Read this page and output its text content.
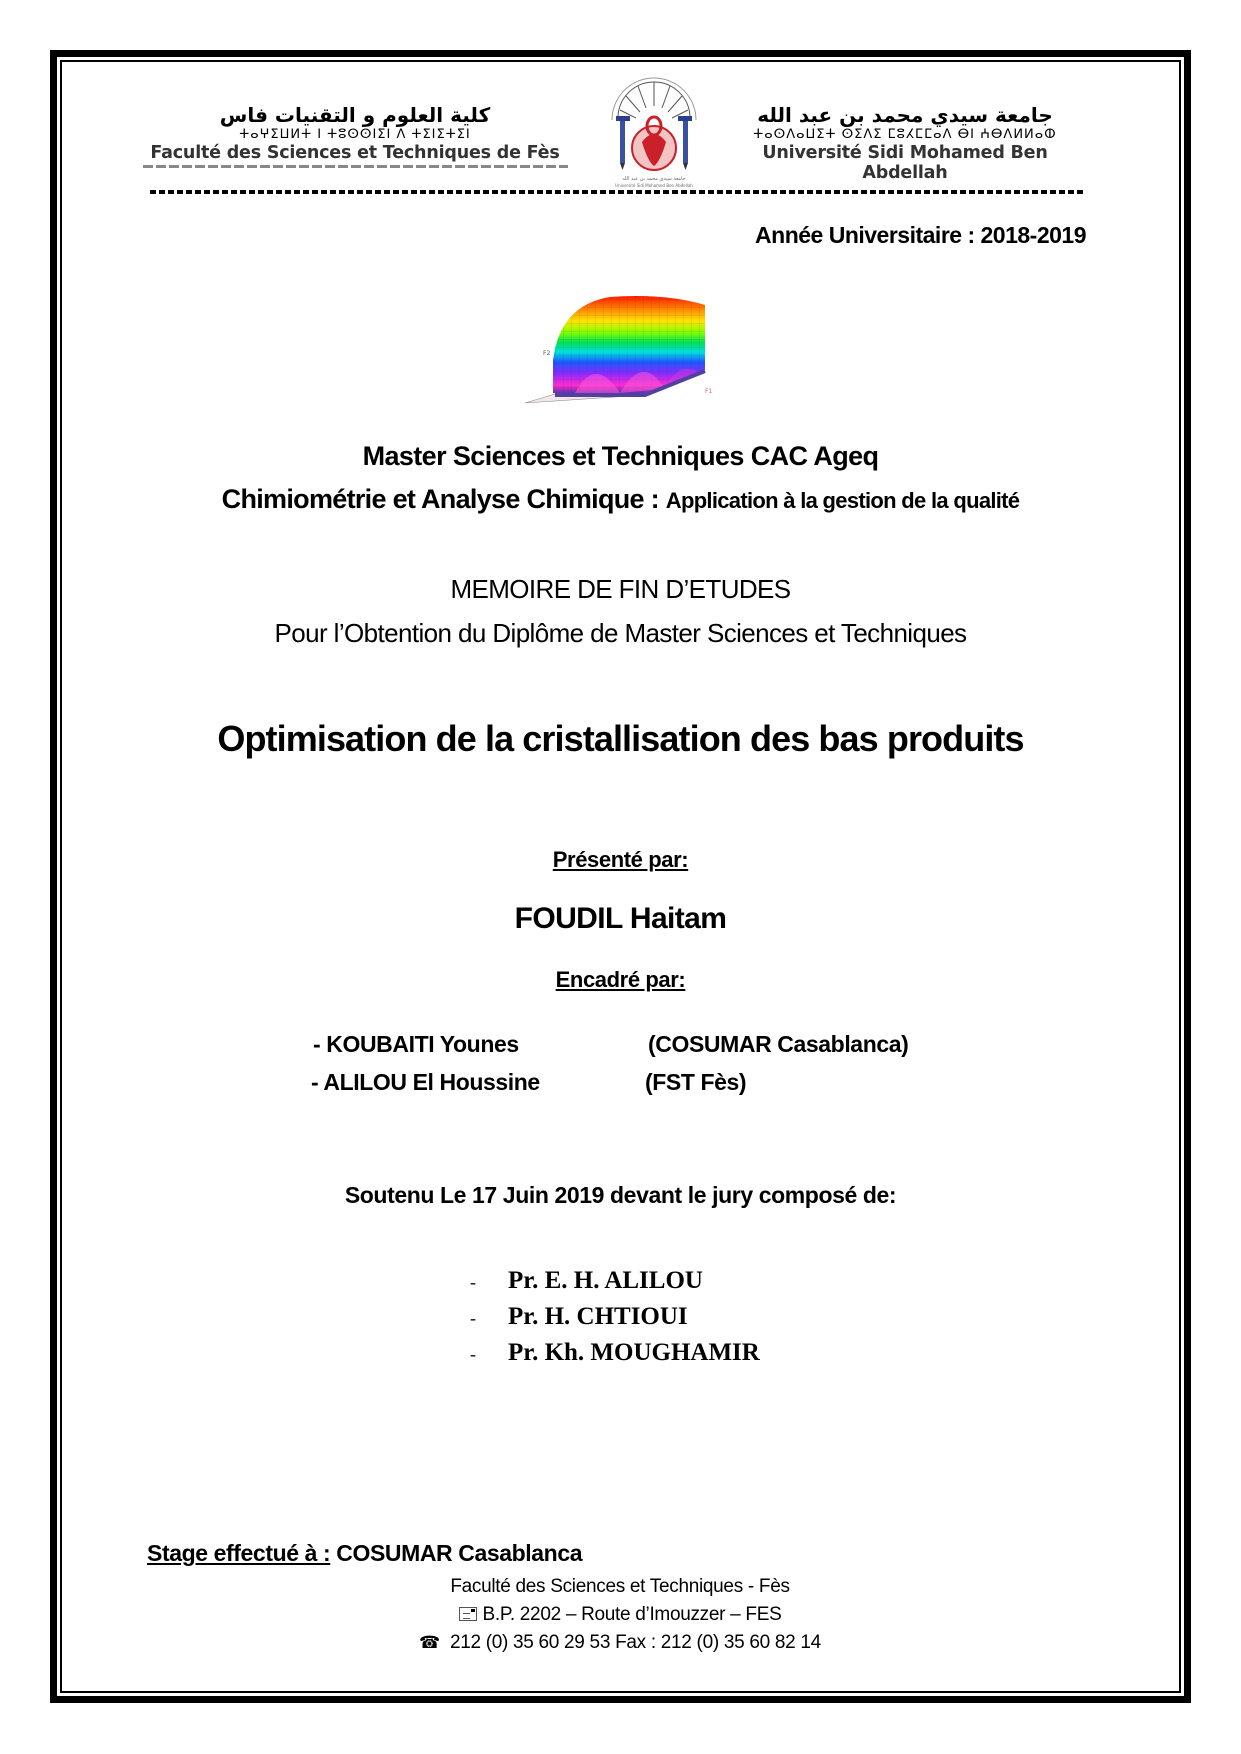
كلية العلوم و التقنيات فاس
ⵜⴰⵖⵉⵡⵍⵜ ⵏ ⵜⵓⵙⵙⵏⵉⵏ ⴷ ⵜⵉⵏⵉⵜⵉⵏ
Faculté des Sciences et Techniques de Fès
جامعة سيدي محمد بن عبد الله
Université Sidi Mohamed Ben Abdellah
جامعة سيدي محمد بن عبد الله
ⵜⴰⵙⴷⴰⵡⵉⵜ ⵙⵉⴷⵉ ⵎⵓⵃⵎⵎⴰⴷ ⴱⵏ ⵄⴱⴷⵍⵍⴰⵀ
Université Sidi Mohamed Ben Abdellah
Année Universitaire : 2018-2019
F2
F1
Master Sciences et Techniques CAC Ageq
Chimiométrie et Analyse Chimique : Application à la gestion de la qualité
MEMOIRE DE FIN D’ETUDES
Pour l’Obtention du Diplôme de Master Sciences et Techniques
Optimisation de la cristallisation des bas produits
Présenté par:
FOUDIL Haitam
Encadré par:
- KOUBAITI Younes	(COSUMAR Casablanca)
- ALILOU El Houssine	(FST Fès)
Soutenu Le 17 Juin 2019 devant le jury composé de:
- Pr. E. H. ALILOU
- Pr. H. CHTIOUI
- Pr. Kh. MOUGHAMIR
Stage effectué à : COSUMAR Casablanca
Faculté des Sciences et Techniques - Fès
B.P. 2202 – Route d’Imouzzer – FES
☎ 212 (0) 35 60 29 53 Fax : 212 (0) 35 60 82 14
